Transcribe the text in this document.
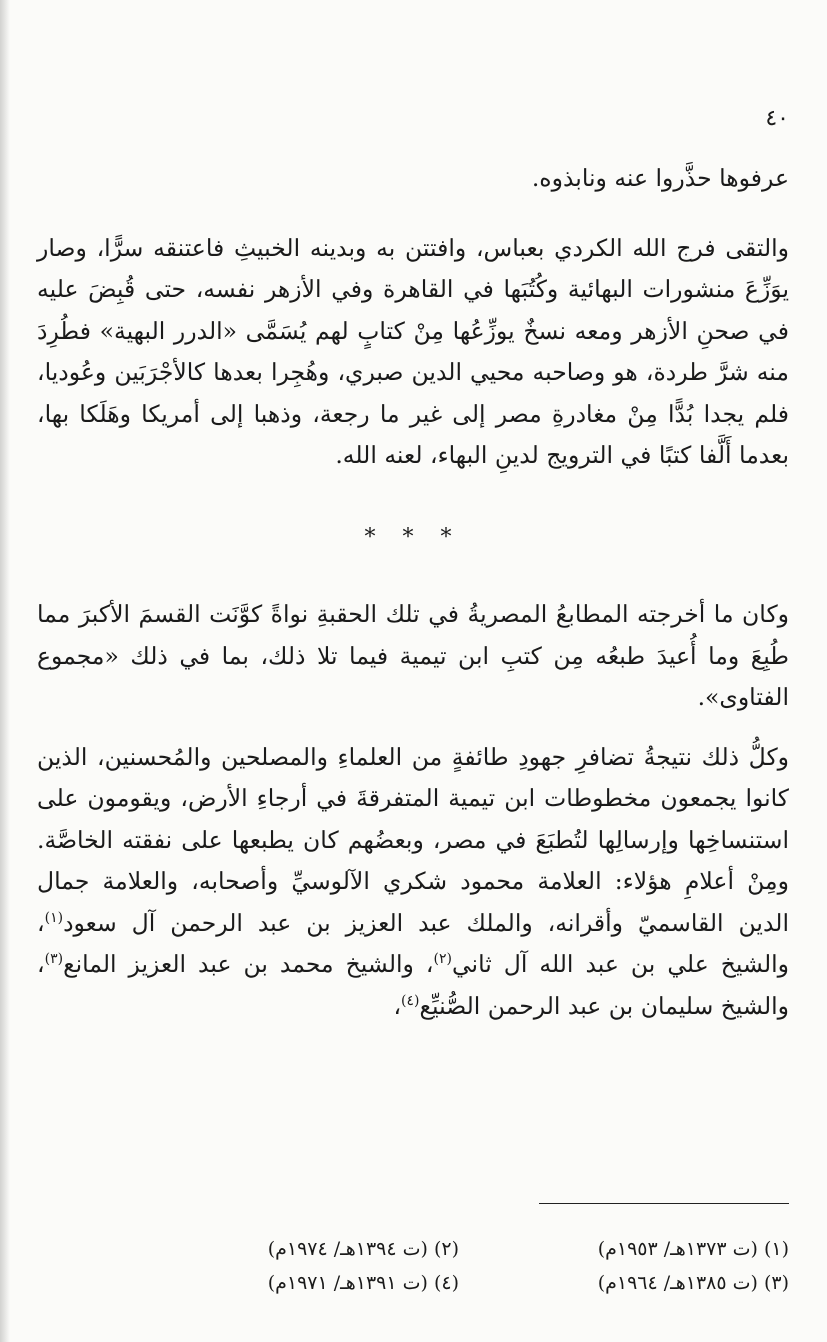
٤٠

عرفوها حذَّروا عنه ونابذوه.

والتقى فرج الله الكردي بعباس، وافتتن به وبدينه الخبيثِ فاعتنقه سرًّا، وصار يوَزِّعَ منشورات البهائية وكُتُبَها في القاهرة وفي الأزهر نفسه، حتى قُبِضَ عليه في صحنِ الأزهر ومعه نسخٌ يوزِّعُها مِنْ كتابٍ لهم يُسَمَّى «الدرر البهية» فطُرِدَ منه شرَّ طردة، هو وصاحبه محيي الدين صبري، وهُجِرا بعدها كالأجْرَبَين وعُوديا، فلم يجدا بُدًّا مِنْ مغادرةِ مصر إلى غير ما رجعة، وذهبا إلى أمريكا وهَلَكا بها، بعدما أَلَّفا كتبًا في الترويج لدينِ البهاء، لعنه الله.

* * *

وكان ما أخرجته المطابعُ المصريةُ في تلك الحقبةِ نواةً كوَّنَت القسمَ الأكبرَ مما طُبِعَ وما أُعيدَ طبعُه مِن كتبِ ابن تيمية فيما تلا ذلك، بما في ذلك «مجموع الفتاوى».

وكلُّ ذلك نتيجةُ تضافرِ جهودِ طائفةٍ من العلماءِ والمصلحين والمُحسنين، الذين كانوا يجمعون مخطوطات ابن تيمية المتفرقةَ في أرجاءِ الأرض، ويقومون على استنساخِها وإرسالِها لتُطبَعَ في مصر، وبعضُهم كان يطبعها على نفقته الخاصَّة. ومِنْ أعلامِ هؤلاء: العلامة محمود شكري الآلوسيِّ وأصحابه، والعلامة جمال الدين القاسميّ وأقرانه، والملك عبد العزيز بن عبد الرحمن آل سعود$^{(١)}$، والشيخ علي بن عبد الله آل ثاني$^{(٢)}$، والشيخ محمد بن عبد العزيز المانع$^{(٣)}$، والشيخ سليمان بن عبد الرحمن الصُّنيِّع$^{(٤)}$،

(١) (ت ١٣٧٣هـ/ ١٩٥٣م)
(٢) (ت ١٣٩٤هـ/ ١٩٧٤م)
(٣) (ت ١٣٨٥هـ/ ١٩٦٤م)
(٤) (ت ١٣٩١هـ/ ١٩٧١م)
